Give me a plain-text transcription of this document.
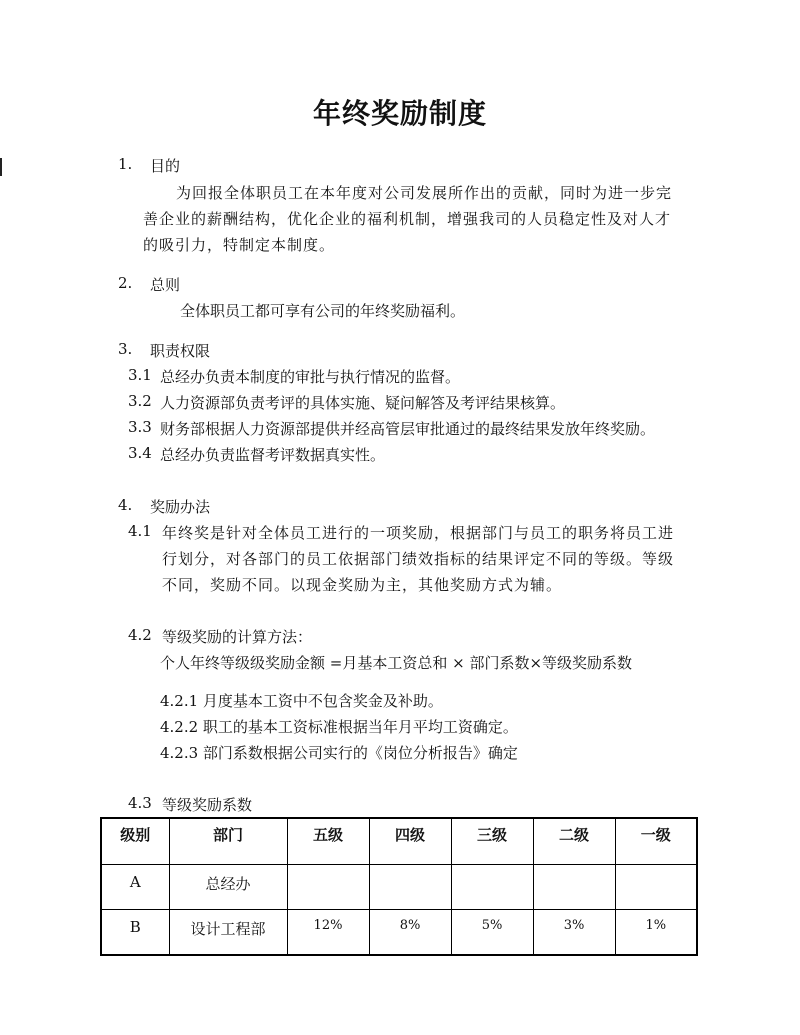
年终奖励制度
1. 目的
为回报全体职员工在本年度对公司发展所作出的贡献，同时为进一步完
善企业的薪酬结构，优化企业的福利机制，增强我司的人员稳定性及对人才
的吸引力，特制定本制度。
2. 总则
全体职员工都可享有公司的年终奖励福利。
3. 职责权限
3.1 总经办负责本制度的审批与执行情况的监督。
3.2 人力资源部负责考评的具体实施、疑问解答及考评结果核算。
3.3 财务部根据人力资源部提供并经高管层审批通过的最终结果发放年终奖励。
3.4 总经办负责监督考评数据真实性。
4. 奖励办法
4.1 年终奖是针对全体员工进行的一项奖励，根据部门与员工的职务将员工进
行划分，对各部门的员工依据部门绩效指标的结果评定不同的等级。等级
不同，奖励不同。以现金奖励为主，其他奖励方式为辅。
4.2 等级奖励的计算方法：
个人年终等级级奖励金额 =月基本工资总和 × 部门系数×等级奖励系数
4.2.1 月度基本工资中不包含奖金及补助。
4.2.2 职工的基本工资标准根据当年月平均工资确定。
4.2.3 部门系数根据公司实行的《岗位分析报告》确定
4.3 等级奖励系数
级别	部门	五级	四级	三级	二级	一级
A	总经办					
B	设计工程部	12%	8%	5%	3%	1%
